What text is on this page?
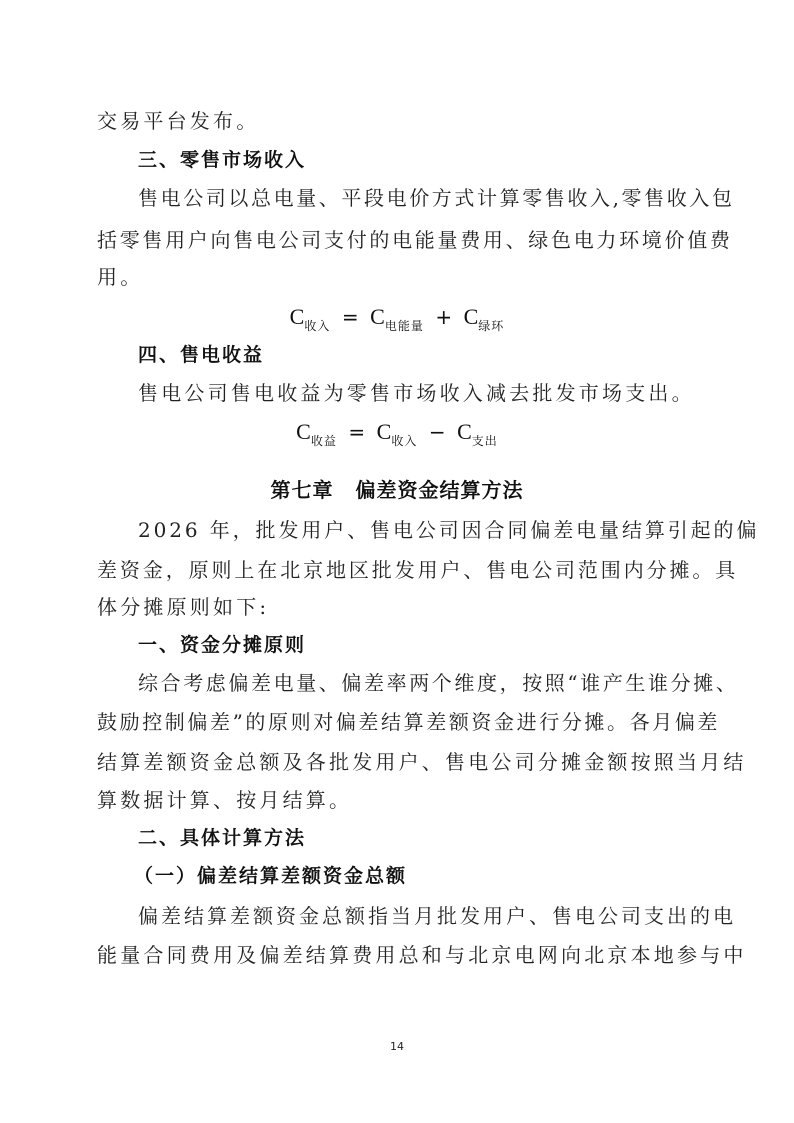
交易平台发布。
三、零售市场收入
售电公司以总电量、平段电价方式计算零售收入,零售收入包
括零售用户向售电公司支付的电能量费用、绿色电力环境价值费
用。
$C_{收入} = C_{电能量} + C_{绿环}$
四、售电收益
售电公司售电收益为零售市场收入减去批发市场支出。
$C_{收益} = C_{收入} - C_{支出}$
第七章 偏差资金结算方法
2026 年，批发用户、售电公司因合同偏差电量结算引起的偏
差资金，原则上在北京地区批发用户、售电公司范围内分摊。具
体分摊原则如下:
一、资金分摊原则
综合考虑偏差电量、偏差率两个维度，按照“谁产生谁分摊、
鼓励控制偏差”的原则对偏差结算差额资金进行分摊。各月偏差
结算差额资金总额及各批发用户、售电公司分摊金额按照当月结
算数据计算、按月结算。
二、具体计算方法
（一）偏差结算差额资金总额
偏差结算差额资金总额指当月批发用户、售电公司支出的电
能量合同费用及偏差结算费用总和与北京电网向北京本地参与中
14
